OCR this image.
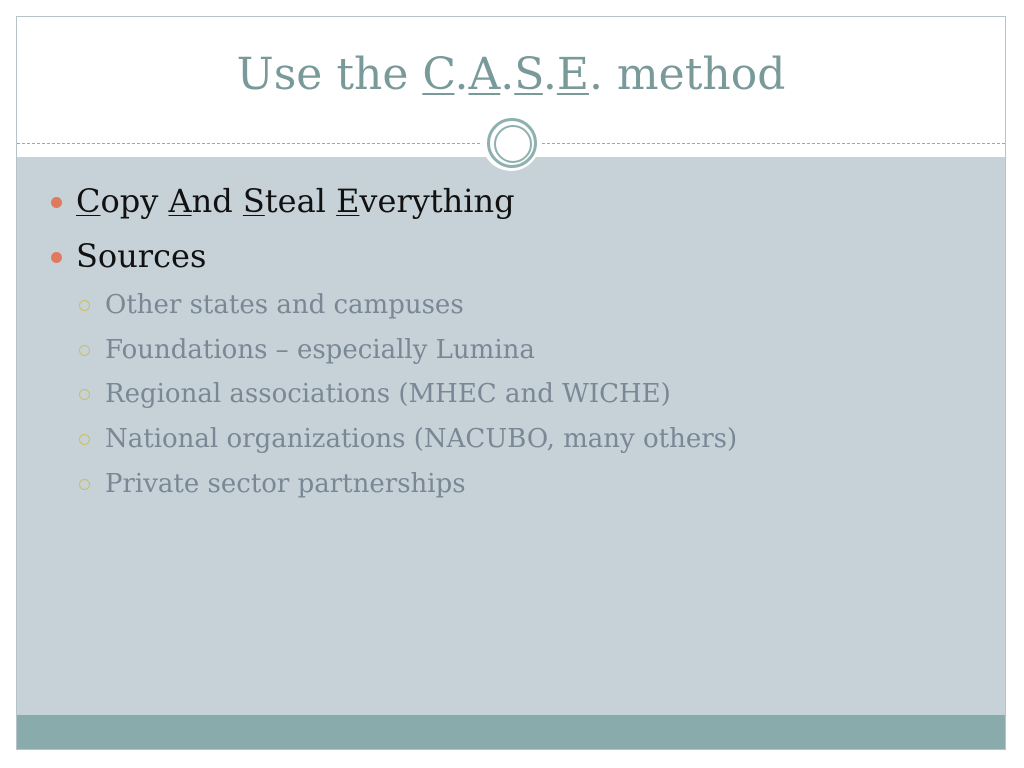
Use the C.A.S.E. method
Copy And Steal Everything
Sources
Other states and campuses
Foundations – especially Lumina
Regional associations (MHEC and WICHE)
National organizations (NACUBO, many others)
Private sector partnerships
